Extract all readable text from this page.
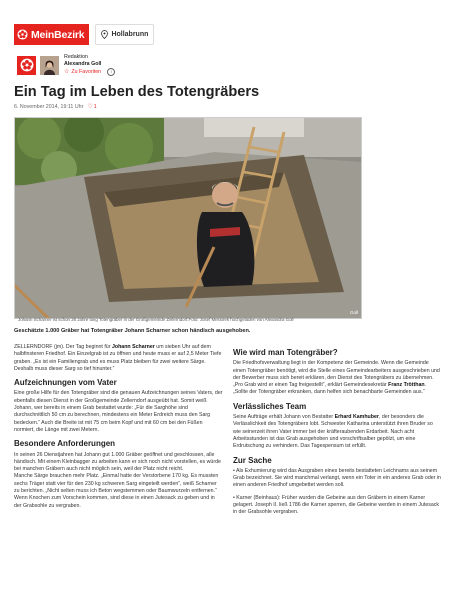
MeinBezirk	Hollabrunn
Redaktion
Alexandra Goll
☆ Zu Favoriten	i
Ein Tag im Leben des Totengräbers
6. November 2014, 19:11 Uhr ♡ 1
Goll
Johann Scharner ist schon 26 Jahre lang Totengräber in der Großgemeinde Zellerndorf.Foto: Josef Messirek hochgeladen von Alexandra Goll
Geschätzte 1.000 Gräber hat Totengräber Johann Scharner schon händisch ausgehoben.

ZELLERNDORF (jm). Der Tag beginnt für Johann Scharner um sieben Uhr auf dem halbfinsteren Friedhof. Ein Einzelgrab ist zu öffnen und heute muss er auf 2,5 Meter Tiefe graben. „Es ist ein Familiengrab und es muss Platz bleiben für zwei weitere Särge. Deshalb muss dieser Sarg so tief hinunter.“

Aufzeichnungen vom Vater

Eine große Hilfe für den Totengräber sind die genauen Aufzeichnungen seines Vaters, der ebenfalls diesen Dienst in der Großgemeinde Zellerndorf ausgeübt hat. Somit weiß Johann, wer bereits in einem Grab bestattet wurde: „Für die Sarghöhe sind durchschnittlich 50 cm zu berechnen, mindestens ein Meter Erdreich muss den Sarg bedecken.“ Auch die Breite ist mit 75 cm beim Kopf und mit 60 cm bei den Füßen normiert, die Länge mit zwei Metern.

Besondere Anforderungen

In seinen 26 Dienstjahren hat Johann gut 1.000 Gräber geöffnet und geschlossen, alle händisch. Mit einem Kleinbagger zu arbeiten kann er sich noch nicht vorstellen, es würde bei manchen Gräbern auch nicht möglich sein, weil der Platz nicht reicht.

Manche Särge brauchen mehr Platz. „Einmal hatte der Verstorbene 170 kg. Es mussten sechs Träger statt vier für den 230 kg schweren Sarg eingeteilt werden“, weiß Scharner zu berichten. „Nicht selten muss ich Beton wegstemmen oder Baumwurzeln entfernen.“ Wenn Knochen zum Vorschein kommen, sind diese in einen Jutesack zu geben und in der Grabsohle zu vergraben.

Wie wird man Totengräber?

Die Friedhofsverwaltung liegt in der Kompetenz der Gemeinde. Wenn die Gemeinde einen Totengräber benötigt, wird die Stelle eines Gemeindearbeiters ausgeschrieben und der Bewerber muss sich bereit erklären, den Dienst des Totengräbers zu übernehmen. „Pro Grab wird er einen Tag freigestellt“, erklärt Gemeindesekretär Franz Trötthan. „Sollte der Totengräber erkranken, dann helfen sich benachbarte Gemeinden aus.“

Verlässliches Team

Seine Aufträge erhält Johann von Bestatter Erhard Kamhuber, der besonders die Verlässlichkeit des Totengräbers lobt. Schwester Katharina unterstützt ihren Bruder so wie seinerzeit ihren Vater immer bei der kräfteraubenden Erdarbeit. Nach acht Arbeitsstunden ist das Grab ausgehoben und vorschriftsalber gepölzt, um eine Erdrutschung zu verhindern. Das Tagespensum ist erfüllt.

Zur Sache

• Als Exhumierung wird das Ausgraben eines bereits bestatteten Leichnams aus seinem Grab bezeichnet. Sie wird manchmal verlangt, wenn ein Toter in ein anderes Grab oder in einen anderen Friedhof umgebettet werden soll.

• Karner (Beinhaus): Früher wurden die Gebeine aus den Gräbern in einem Karner gelagert. Joseph II. ließ 1786 die Karner sperren, die Gebeine werden in einem Jutesack in der Grabsohle vergraben.
